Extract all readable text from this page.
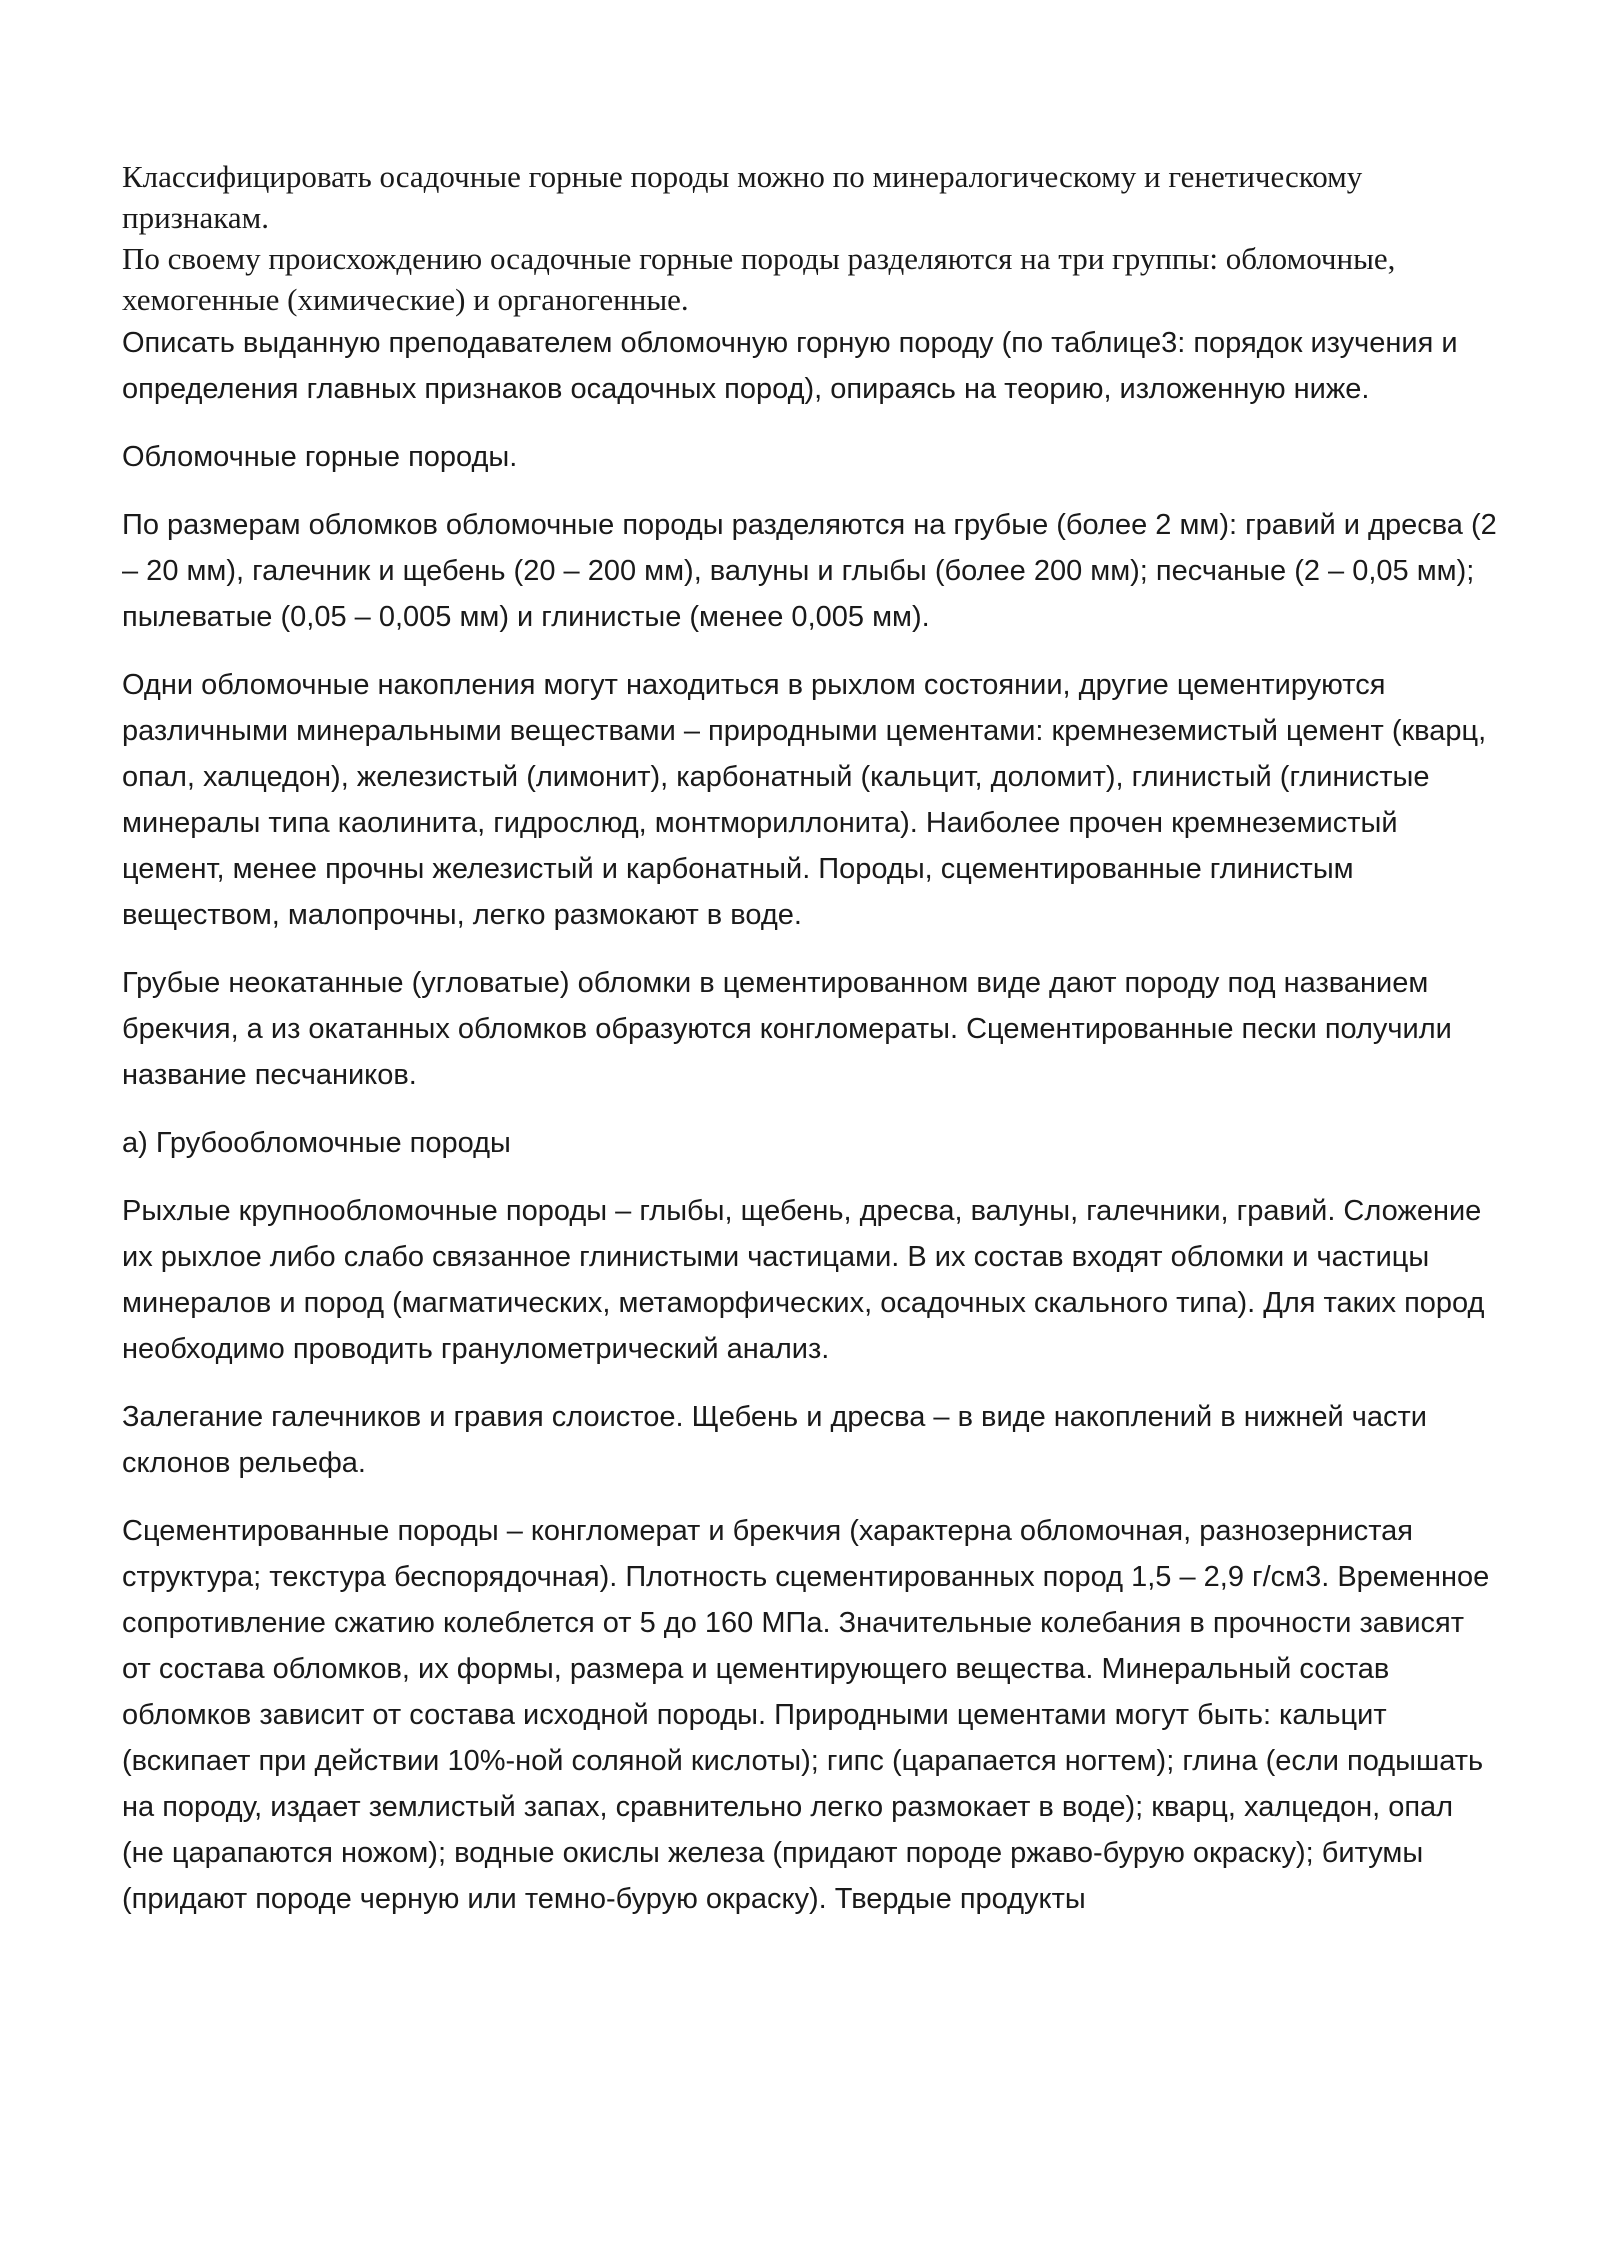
Классифицировать осадочные горные породы можно по минералогическому и генетическому признакам.

По своему происхождению осадочные горные породы разделяются на три группы: обломочные, хемогенные (химические) и органогенные.

Описать выданную преподавателем обломочную горную породу (по таблице3: порядок изучения и определения главных признаков осадочных пород), опираясь на теорию, изложенную ниже.

Обломочные горные породы.

По размерам обломков обломочные породы разделяются на грубые (более 2 мм): гравий и дресва (2 – 20 мм), галечник и щебень (20 – 200 мм), валуны и глыбы (более 200 мм); песчаные (2 – 0,05 мм); пылеватые (0,05 – 0,005 мм) и глинистые (менее 0,005 мм).

Одни обломочные накопления могут находиться в рыхлом состоянии, другие цементируются различными минеральными веществами – природными цементами: кремнеземистый цемент (кварц, опал, халцедон), железистый (лимонит), карбонатный (кальцит, доломит), глинистый (глинистые минералы типа каолинита, гидрослюд, монтмориллонита). Наиболее прочен кремнеземистый цемент, менее прочны железистый и карбонатный. Породы, сцементированные глинистым веществом, малопрочны, легко размокают в воде.

Грубые неокатанные (угловатые) обломки в цементированном виде дают породу под названием брекчия, а из окатанных обломков образуются конгломераты. Сцементированные пески получили название песчаников.

а) Грубообломочные породы

Рыхлые крупнообломочные породы – глыбы, щебень, дресва, валуны, галечники, гравий. Сложение их рыхлое либо слабо связанное глинистыми частицами. В их состав входят обломки и частицы минералов и пород (магматических, метаморфических, осадочных скального типа). Для таких пород необходимо проводить гранулометрический анализ.

Залегание галечников и гравия слоистое. Щебень и дресва – в виде накоплений в нижней части склонов рельефа.

Сцементированные породы – конгломерат и брекчия (характерна обломочная, разнозернистая структура; текстура беспорядочная). Плотность сцементированных пород 1,5 – 2,9 г/см3. Временное сопротивление сжатию колеблется от 5 до 160 МПа. Значительные колебания в прочности зависят от состава обломков, их формы, размера и цементирующего вещества. Минеральный состав обломков зависит от состава исходной породы. Природными цементами могут быть: кальцит (вскипает при действии 10%-ной соляной кислоты); гипс (царапается ногтем); глина (если подышать на породу, издает землистый запах, сравнительно легко размокает в воде); кварц, халцедон, опал (не царапаются ножом); водные окислы железа (придают породе ржаво-бурую окраску); битумы (придают породе черную или темно-бурую окраску). Твердые продукты
